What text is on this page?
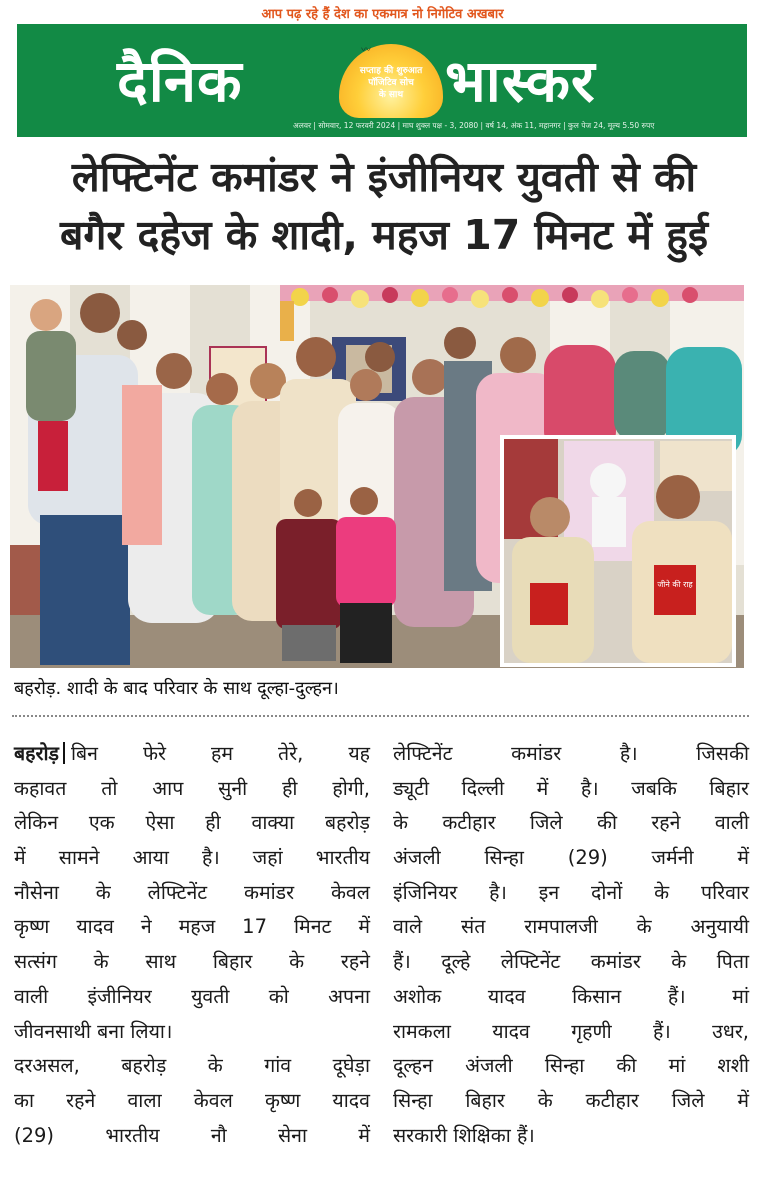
आप पढ़ रहे हैं देश का एकमात्र नो निगेटिव अखबार
दैनिक	सप्ताह की शुरुआत
पॉजिटिव सोच
के साथ
〰 भास्कर
अलवर | सोमवार, 12 फरवरी 2024 | माघ शुक्ल पक्ष - 3, 2080 | वर्ष 14, अंक 11, महानगर | कुल पेज 24, मूल्य 5.50 रुपए
लेफ्टिनेंट कमांडर ने इंजीनियर युवती से की
बगैर दहेज के शादी, महज 17 मिनट में हुई
जीने की राह
बहरोड़. शादी के बाद परिवार के साथ दूल्हा-दुल्हन।
बहरोड़ बिन फेरे हम तेरे, यह
कहावत तो आप सुनी ही होगी,
लेकिन एक ऐसा ही वाक्या बहरोड़
में सामने आया है। जहां भारतीय
नौसेना के लेफ्टिनेंट कमांडर केवल
कृष्ण यादव ने महज 17 मिनट में
सत्संग के साथ बिहार के रहने
वाली इंजीनियर युवती को अपना
जीवनसाथी बना लिया।
दरअसल, बहरोड़ के गांव दूघेड़ा
का रहने वाला केवल कृष्ण यादव
(29) भारतीय नौ सेना में
लेफ्टिनेंट कमांडर है। जिसकी
ड्यूटी दिल्ली में है। जबकि बिहार
के कटीहार जिले की रहने वाली
अंजली सिन्हा (29) जर्मनी में
इंजिनियर है। इन दोनों के परिवार
वाले संत रामपालजी के अनुयायी
हैं। दूल्हे लेफ्टिनेंट कमांडर के पिता
अशोक यादव किसान हैं। मां
रामकला यादव गृहणी हैं। उधर,
दूल्हन अंजली सिन्हा की मां शशी
सिन्हा बिहार के कटीहार जिले में
सरकारी शिक्षिका हैं।
